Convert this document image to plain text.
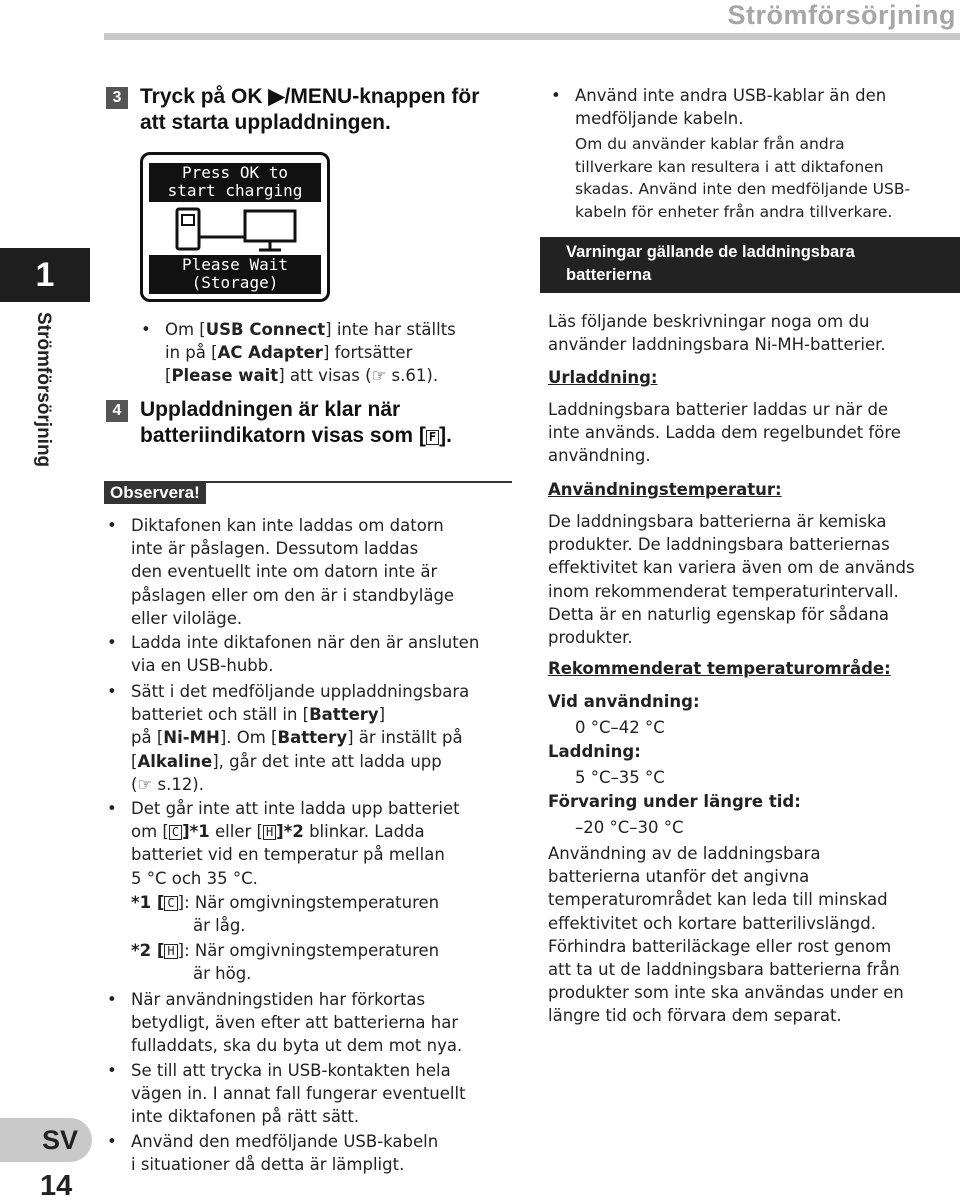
Strömförsörjning
1
Strömförsörjning
SV
14
3 Tryck på OK ▶/MENU-knappen för
att starta uppladdningen.
Press OK to
start charging
Please Wait
(Storage)
• Om [USB Connect] inte har ställts
in på [AC Adapter] fortsätter
[Please wait] att visas (☞ s.61).
4 Uppladdningen är klar när
batteriindikatorn visas som [ F ].
Observera!
• Diktafonen kan inte laddas om datorn
inte är påslagen. Dessutom laddas
den eventuellt inte om datorn inte är
påslagen eller om den är i standbyläge
eller viloläge.
• Ladda inte diktafonen när den är ansluten
via en USB-hubb.
• Sätt i det medföljande uppladdningsbara
batteriet och ställ in [Battery]
på [Ni-MH]. Om [Battery] är inställt på
[Alkaline], går det inte att ladda upp
(☞ s.12).
• Det går inte att inte ladda upp batteriet
om [ C ]*1 eller [ H ]*2 blinkar. Ladda
batteriet vid en temperatur på mellan
5 °C och 35 °C.
*1 [ C ]: När omgivningstemperaturen
är låg.
*2 [ H ]: När omgivningstemperaturen
är hög.
• När användningstiden har förkortas
betydligt, även efter att batterierna har
fulladdats, ska du byta ut dem mot nya.
• Se till att trycka in USB-kontakten hela
vägen in. I annat fall fungerar eventuellt
inte diktafonen på rätt sätt.
• Använd den medföljande USB-kabeln
i situationer då detta är lämpligt.
• Använd inte andra USB-kablar än den
medföljande kabeln.
Om du använder kablar från andra
tillverkare kan resultera i att diktafonen
skadas. Använd inte den medföljande USB-
kabeln för enheter från andra tillverkare.
Varningar gällande de laddningsbara
batterierna
Läs följande beskrivningar noga om du
använder laddningsbara Ni-MH-batterier.
Urladdning:
Laddningsbara batterier laddas ur när de
inte används. Ladda dem regelbundet före
användning.
Användningstemperatur:
De laddningsbara batterierna är kemiska
produkter. De laddningsbara batteriernas
effektivitet kan variera även om de används
inom rekommenderat temperaturintervall.
Detta är en naturlig egenskap för sådana
produkter.
Rekommenderat temperaturområde:
Vid användning:
0 °C–42 °C
Laddning:
5 °C–35 °C
Förvaring under längre tid:
–20 °C–30 °C
Användning av de laddningsbara
batterierna utanför det angivna
temperaturområdet kan leda till minskad
effektivitet och kortare batterilivslängd.
Förhindra batteriläckage eller rost genom
att ta ut de laddningsbara batterierna från
produkter som inte ska användas under en
längre tid och förvara dem separat.
